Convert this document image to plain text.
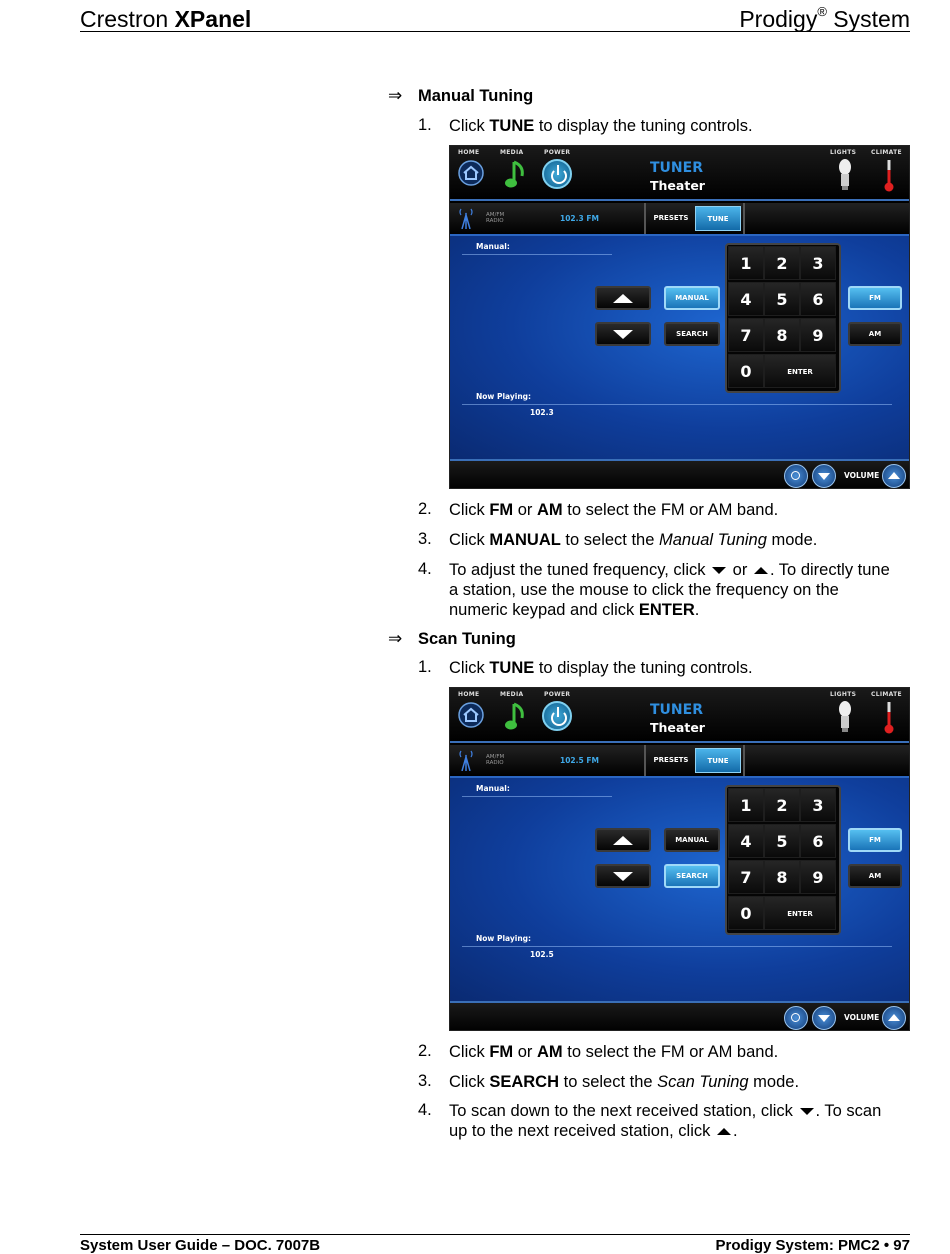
Crestron XPanel	Prodigy® System
⇒ Manual Tuning
1. Click TUNE to display the tuning controls.
HOME	MEDIA	POWER	LIGHTS CLIMATE
TUNER
Theater
AM/FM
RADIO	102.3 FM	PRESETS	TUNE
Manual:
MANUAL
SEARCH
1	2	3
4	5	6
7	8	9
0	ENTER
FM
AM
Now Playing:
102.3
VOLUME
2. Click FM or AM to select the FM or AM band.
3. Click MANUAL to select the Manual Tuning mode.
4. To adjust the tuned frequency, click  or . To directly tune
a station, use the mouse to click the frequency on the
numeric keypad and click ENTER.
⇒ Scan Tuning
1. Click TUNE to display the tuning controls.
HOME	MEDIA	POWER	LIGHTS CLIMATE
TUNER
Theater
AM/FM
RADIO	102.5 FM	PRESETS	TUNE
Manual:
MANUAL
SEARCH
1	2	3
4	5	6
7	8	9
0	ENTER
FM
AM
Now Playing:
102.5
VOLUME
2. Click FM or AM to select the FM or AM band.
3. Click SEARCH to select the Scan Tuning mode.
4. To scan down to the next received station, click . To scan
up to the next received station, click .
System User Guide – DOC. 7007B	Prodigy System: PMC2 • 97
